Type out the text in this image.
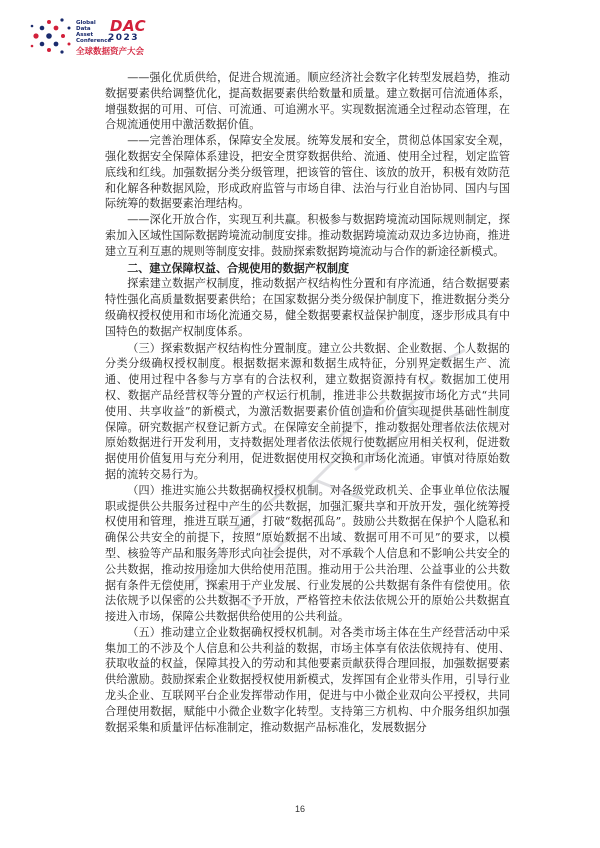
Global
Data
Asset
Conference
DAC
2023
全球数据资产大会

——强化优质供给，促进合规流通。顺应经济社会数字化转型发展趋势，推动数据要素供给调整优化，提高数据要素供给数量和质量。建立数据可信流通体系，增强数据的可用、可信、可流通、可追溯水平。实现数据流通全过程动态管理，在合规流通使用中激活数据价值。

——完善治理体系，保障安全发展。统筹发展和安全，贯彻总体国家安全观，强化数据安全保障体系建设，把安全贯穿数据供给、流通、使用全过程，划定监管底线和红线。加强数据分类分级管理，把该管的管住、该放的放开，积极有效防范和化解各种数据风险，形成政府监管与市场自律、法治与行业自治协同、国内与国际统筹的数据要素治理结构。

——深化开放合作，实现互利共赢。积极参与数据跨境流动国际规则制定，探索加入区域性国际数据跨境流动制度安排。推动数据跨境流动双边多边协商，推进建立互利互惠的规则等制度安排。鼓励探索数据跨境流动与合作的新途径新模式。

二、建立保障权益、合规使用的数据产权制度

探索建立数据产权制度，推动数据产权结构性分置和有序流通，结合数据要素特性强化高质量数据要素供给；在国家数据分类分级保护制度下，推进数据分类分级确权授权使用和市场化流通交易，健全数据要素权益保护制度，逐步形成具有中国特色的数据产权制度体系。

（三）探索数据产权结构性分置制度。建立公共数据、企业数据、个人数据的分类分级确权授权制度。根据数据来源和数据生成特征，分别界定数据生产、流通、使用过程中各参与方享有的合法权利，建立数据资源持有权、数据加工使用权、数据产品经营权等分置的产权运行机制，推进非公共数据按市场化方式“共同使用、共享收益”的新模式，为激活数据要素价值创造和价值实现提供基础性制度保障。研究数据产权登记新方式。在保障安全前提下，推动数据处理者依法依规对原始数据进行开发利用，支持数据处理者依法依规行使数据应用相关权利，促进数据使用价值复用与充分利用，促进数据使用权交换和市场化流通。审慎对待原始数据的流转交易行为。

（四）推进实施公共数据确权授权机制。对各级党政机关、企事业单位依法履职或提供公共服务过程中产生的公共数据，加强汇聚共享和开放开发，强化统筹授权使用和管理，推进互联互通，打破“数据孤岛”。鼓励公共数据在保护个人隐私和确保公共安全的前提下，按照“原始数据不出域、数据可用不可见”的要求，以模型、核验等产品和服务等形式向社会提供，对不承载个人信息和不影响公共安全的公共数据，推动按用途加大供给使用范围。推动用于公共治理、公益事业的公共数据有条件无偿使用，探索用于产业发展、行业发展的公共数据有条件有偿使用。依法依规予以保密的公共数据不予开放，严格管控未依法依规公开的原始公共数据直接进入市场，保障公共数据供给使用的公共利益。

（五）推动建立企业数据确权授权机制。对各类市场主体在生产经营活动中采集加工的不涉及个人信息和公共利益的数据，市场主体享有依法依规持有、使用、获取收益的权益，保障其投入的劳动和其他要素贡献获得合理回报，加强数据要素供给激励。鼓励探索企业数据授权使用新模式，发挥国有企业带头作用，引导行业龙头企业、互联网平台企业发挥带动作用，促进与中小微企业双向公平授权，共同合理使用数据，赋能中小微企业数字化转型。支持第三方机构、中介服务组织加强数据采集和质量评估标准制定，推动数据产品标准化，发展数据分

16
